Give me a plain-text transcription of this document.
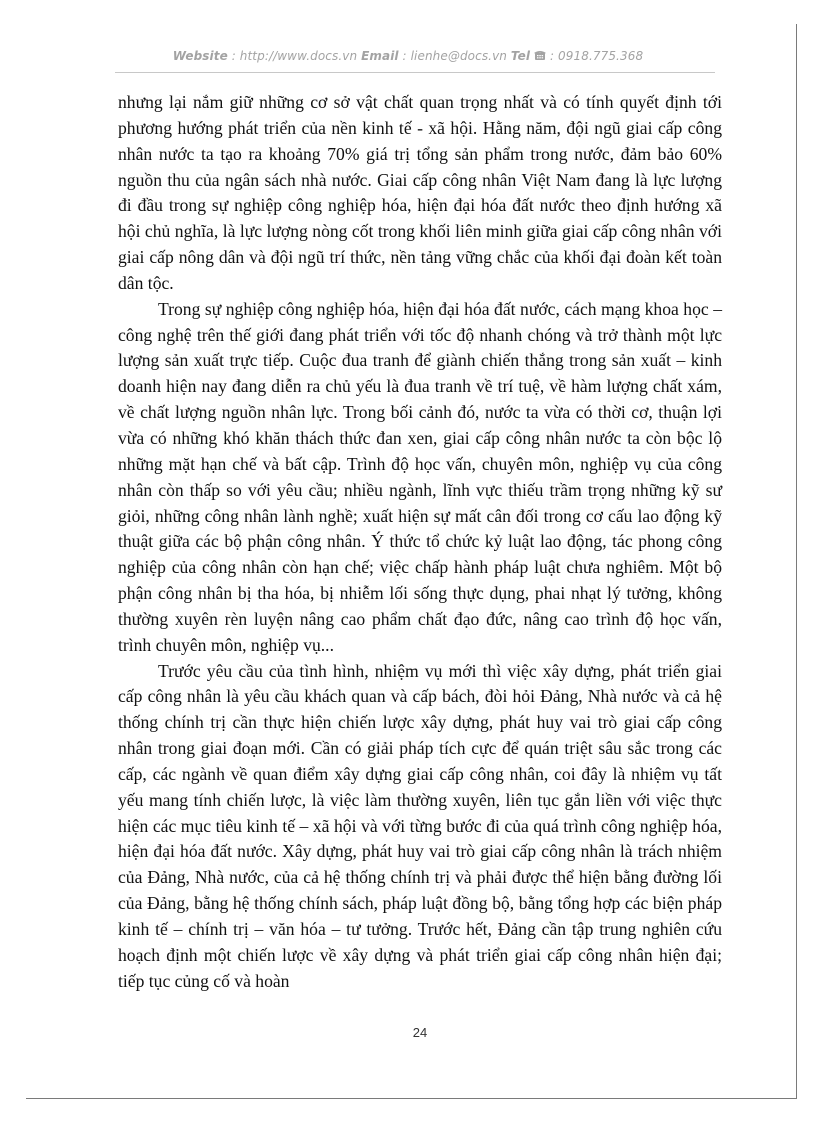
Website : http://www.docs.vn Email : lienhe@docs.vn Tel  : 0918.775.368

nhưng lại nắm giữ những cơ sở vật chất quan trọng nhất và có tính quyết định tới phương hướng phát triển của nền kinh tế - xã hội. Hằng năm, đội ngũ giai cấp công nhân nước ta tạo ra khoảng 70% giá trị tổng sản phẩm trong nước, đảm bảo 60% nguồn thu của ngân sách nhà nước. Giai cấp công nhân Việt Nam đang là lực lượng đi đầu trong sự nghiệp công nghiệp hóa, hiện đại hóa đất nước theo định hướng xã hội chủ nghĩa, là lực lượng nòng cốt trong khối liên minh giữa giai cấp công nhân với giai cấp nông dân và đội ngũ trí thức, nền tảng vững chắc của khối đại đoàn kết toàn dân tộc.

Trong sự nghiệp công nghiệp hóa, hiện đại hóa đất nước, cách mạng khoa học – công nghệ trên thế giới đang phát triển với tốc độ nhanh chóng và trở thành một lực lượng sản xuất trực tiếp. Cuộc đua tranh để giành chiến thắng trong sản xuất – kinh doanh hiện nay đang diễn ra chủ yếu là đua tranh về trí tuệ, về hàm lượng chất xám, về chất lượng nguồn nhân lực. Trong bối cảnh đó, nước ta vừa có thời cơ, thuận lợi vừa có những khó khăn thách thức đan xen, giai cấp công nhân nước ta còn bộc lộ những mặt hạn chế và bất cập. Trình độ học vấn, chuyên môn, nghiệp vụ của công nhân còn thấp so với yêu cầu; nhiều ngành, lĩnh vực thiếu trầm trọng những kỹ sư giỏi, những công nhân lành nghề; xuất hiện sự mất cân đối trong cơ cấu lao động kỹ thuật giữa các bộ phận công nhân. Ý thức tổ chức kỷ luật lao động, tác phong công nghiệp của công nhân còn hạn chế; việc chấp hành pháp luật chưa nghiêm. Một bộ phận công nhân bị tha hóa, bị nhiễm lối sống thực dụng, phai nhạt lý tưởng, không thường xuyên rèn luyện nâng cao phẩm chất đạo đức, nâng cao trình độ học vấn, trình chuyên môn, nghiệp vụ...

Trước yêu cầu của tình hình, nhiệm vụ mới thì việc xây dựng, phát triển giai cấp công nhân là yêu cầu khách quan và cấp bách, đòi hỏi Đảng, Nhà nước và cả hệ thống chính trị cần thực hiện chiến lược xây dựng, phát huy vai trò giai cấp công nhân trong giai đoạn mới. Cần có giải pháp tích cực để quán triệt sâu sắc trong các cấp, các ngành về quan điểm xây dựng giai cấp công nhân, coi đây là nhiệm vụ tất yếu mang tính chiến lược, là việc làm thường xuyên, liên tục gắn liền với việc thực hiện các mục tiêu kinh tế – xã hội và với từng bước đi của quá trình công nghiệp hóa, hiện đại hóa đất nước. Xây dựng, phát huy vai trò giai cấp công nhân là trách nhiệm của Đảng, Nhà nước, của cả hệ thống chính trị và phải được thể hiện bằng đường lối của Đảng, bằng hệ thống chính sách, pháp luật đồng bộ, bằng tổng hợp các biện pháp kinh tế – chính trị – văn hóa – tư tưởng. Trước hết, Đảng cần tập trung nghiên cứu hoạch định một chiến lược về xây dựng và phát triển giai cấp công nhân hiện đại; tiếp tục củng cố và hoàn

24
